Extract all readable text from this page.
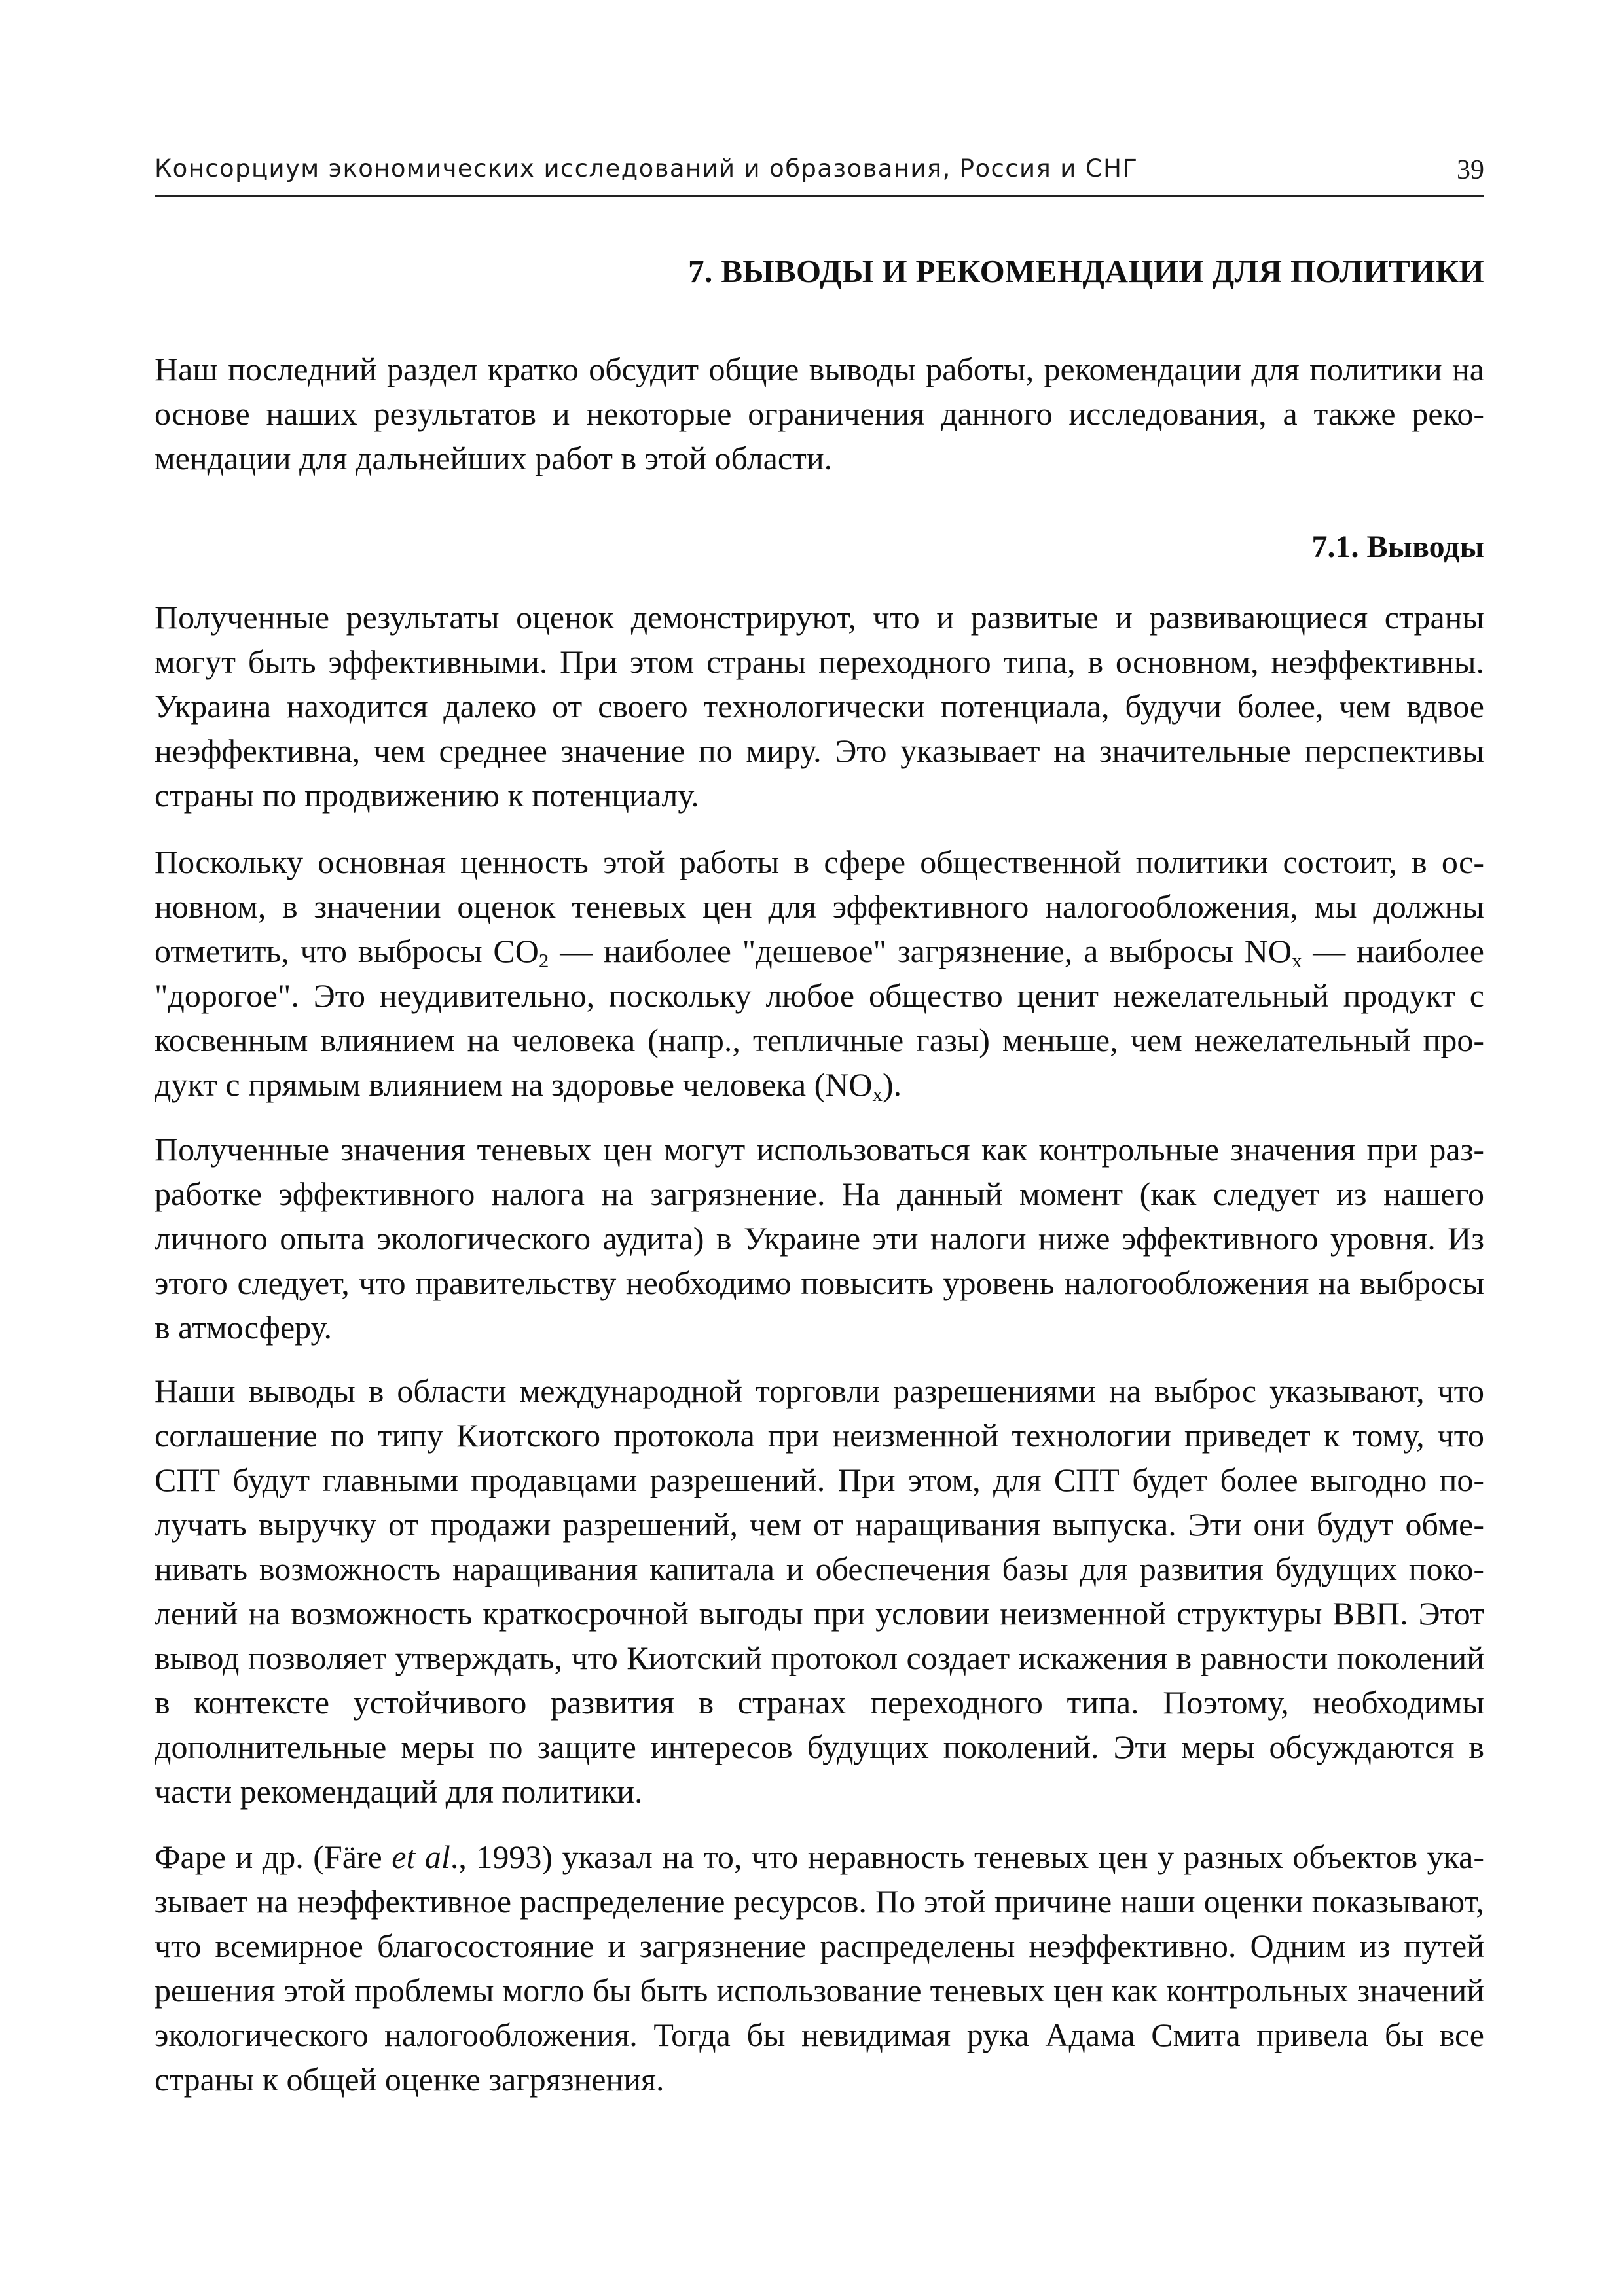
Консорциум экономических исследований и образования, Россия и СНГ	39
7. ВЫВОДЫ И РЕКОМЕНДАЦИИ ДЛЯ ПОЛИТИКИ

Наш последний раздел кратко обсудит общие выводы работы, рекомендации для политики на основе наших результатов и некоторые ограничения данного исследования, а также рекомендации для дальнейших работ в этой области.

7.1. Выводы

Полученные результаты оценок демонстрируют, что и развитые и развивающиеся страны могут быть эффективными. При этом страны переходного типа, в основном, неэффективны. Украина находится далеко от своего технологически потенциала, будучи более, чем вдвое неэффективна, чем среднее значение по миру. Это указывает на значительные перспективы страны по продвижению к потенциалу.

Поскольку основная ценность этой работы в сфере общественной политики состоит, в основном, в значении оценок теневых цен для эффективного налогообложения, мы должны отметить, что выбросы $CO_2$ — наиболее "дешевое" загрязнение, а выбросы $NO_x$ — наиболее "дорогое". Это неудивительно, поскольку любое общество ценит нежелательный продукт с косвенным влиянием на человека (напр., тепличные газы) меньше, чем нежелательный продукт с прямым влиянием на здоровье человека $(NO_x)$.

Полученные значения теневых цен могут использоваться как контрольные значения при разработке эффективного налога на загрязнение. На данный момент (как следует из нашего личного опыта экологического аудита) в Украине эти налоги ниже эффективного уровня. Из этого следует, что правительству необходимо повысить уровень налогообложения на выбросы в атмосферу.

Наши выводы в области международной торговли разрешениями на выброс указывают, что соглашение по типу Киотского протокола при неизменной технологии приведет к тому, что СПТ будут главными продавцами разрешений. При этом, для СПТ будет более выгодно получать выручку от продажи разрешений, чем от наращивания выпуска. Эти они будут обменивать возможность наращивания капитала и обеспечения базы для развития будущих поколений на возможность краткосрочной выгоды при условии неизменной структуры ВВП. Этот вывод позволяет утверждать, что Киотский протокол создает искажения в равности поколений в контексте устойчивого развития в странах переходного типа. Поэтому, необходимы дополнительные меры по защите интересов будущих поколений. Эти меры обсуждаются в части рекомендаций для политики.

Фаре и др. (Färe et al., 1993) указал на то, что неравность теневых цен у разных объектов указывает на неэффективное распределение ресурсов. По этой причине наши оценки показывают, что всемирное благосостояние и загрязнение распределены неэффективно. Одним из путей решения этой проблемы могло бы быть использование теневых цен как контрольных значений экологического налогообложения. Тогда бы невидимая рука Адама Смита привела бы все страны к общей оценке загрязнения.
